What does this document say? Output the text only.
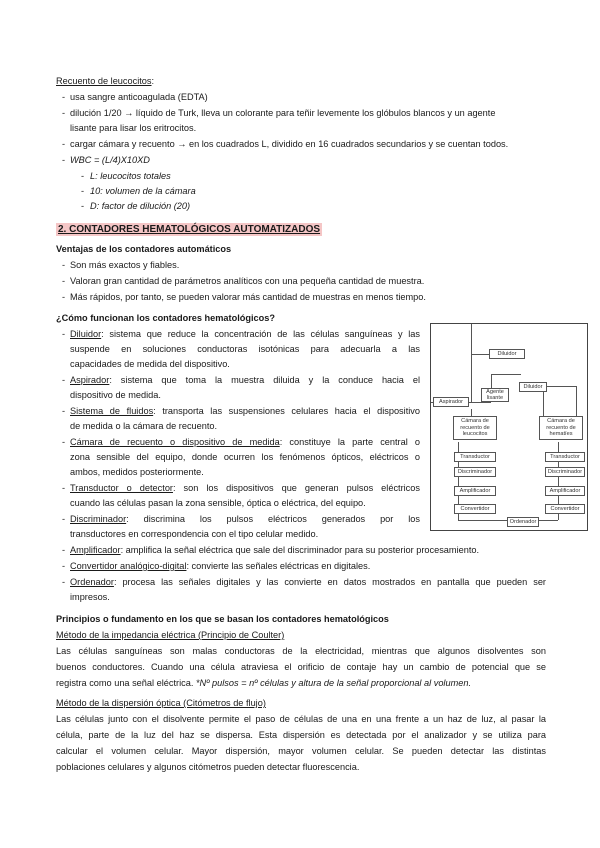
Recuento de leucocitos:
- usa sangre anticoagulada (EDTA)
- dilución 1/20 → líquido de Turk, lleva un colorante para teñir levemente los glóbulos blancos y un agente
lisante para lisar los eritrocitos.
- cargar cámara y recuento → en los cuadrados L, dividido en 16 cuadrados secundarios y se cuentan todos.
- WBC = (L/4)X10XD
- L: leucocitos totales
- 10: volumen de la cámara
- D: factor de dilución (20)
2. CONTADORES HEMATOLÓGICOS AUTOMATIZADOS
Ventajas de los contadores automáticos
- Son más exactos y fiables.
- Valoran gran cantidad de parámetros analíticos con una pequeña cantidad de muestra.
- Más rápidos, por tanto, se pueden valorar más cantidad de muestras en menos tiempo.
¿Cómo funcionan los contadores hematológicos?
- Diluidor: sistema que reduce la concentración de las células sanguíneas y las
suspende en soluciones conductoras isotónicas para adecuarla a las
capacidades de medida del dispositivo.
- Aspirador: sistema que toma la muestra diluida y la conduce hacia el
dispositivo de medida.
- Sistema de fluidos: transporta las suspensiones celulares hacia el dispositivo
de medida o la cámara de recuento.
- Cámara de recuento o dispositivo de medida: constituye la parte central o
zona sensible del equipo, donde ocurren los fenómenos ópticos, eléctricos o
ambos, medidos posteriormente.
- Transductor o detector: son los dispositivos que generan pulsos eléctricos
cuando las células pasan la zona sensible, óptica o eléctrica, del equipo.
- Discriminador: discrimina los pulsos eléctricos generados por los
transductores en correspondencia con el tipo celular medido.
- Amplificador: amplifica la señal eléctrica que sale del discriminador para su posterior procesamiento.
- Convertidor analógico-digital: convierte las señales eléctricas en digitales.
- Ordenador: procesa las señales digitales y las convierte en datos mostrados en pantalla que pueden ser
impresos.
Principios o fundamento en los que se basan los contadores hematológicos
Método de la impedancia eléctrica (Principio de Coulter)
Las células sanguíneas son malas conductoras de la electricidad, mientras que algunos disolventes son
buenos conductores. Cuando una célula atraviesa el orificio de contaje hay un cambio de potencial que se
registra como una señal eléctrica. *Nº pulsos = nº células y altura de la señal proporcional al volumen.
Método de la dispersión óptica (Citómetros de flujo)
Las células junto con el disolvente permite el paso de células de una en una frente a un haz de luz, al pasar la
célula, parte de la luz del haz se dispersa. Esta dispersión es detectada por el analizador y se utiliza para
calcular el volumen celular. Mayor dispersión, mayor volumen celular. Se pueden detectar las distintas
poblaciones celulares y algunos citómetros pueden detectar fluorescencia.
Diluidor
Diluidor
Agente lisante
Aspirador
Cámara de recuento de leucocitos
Cámara de recuento de hematíes
Transductor
Discriminador
Amplificador
Convertidor
Transductor
Discriminador
Amplificador
Convertidor
Ordenador
